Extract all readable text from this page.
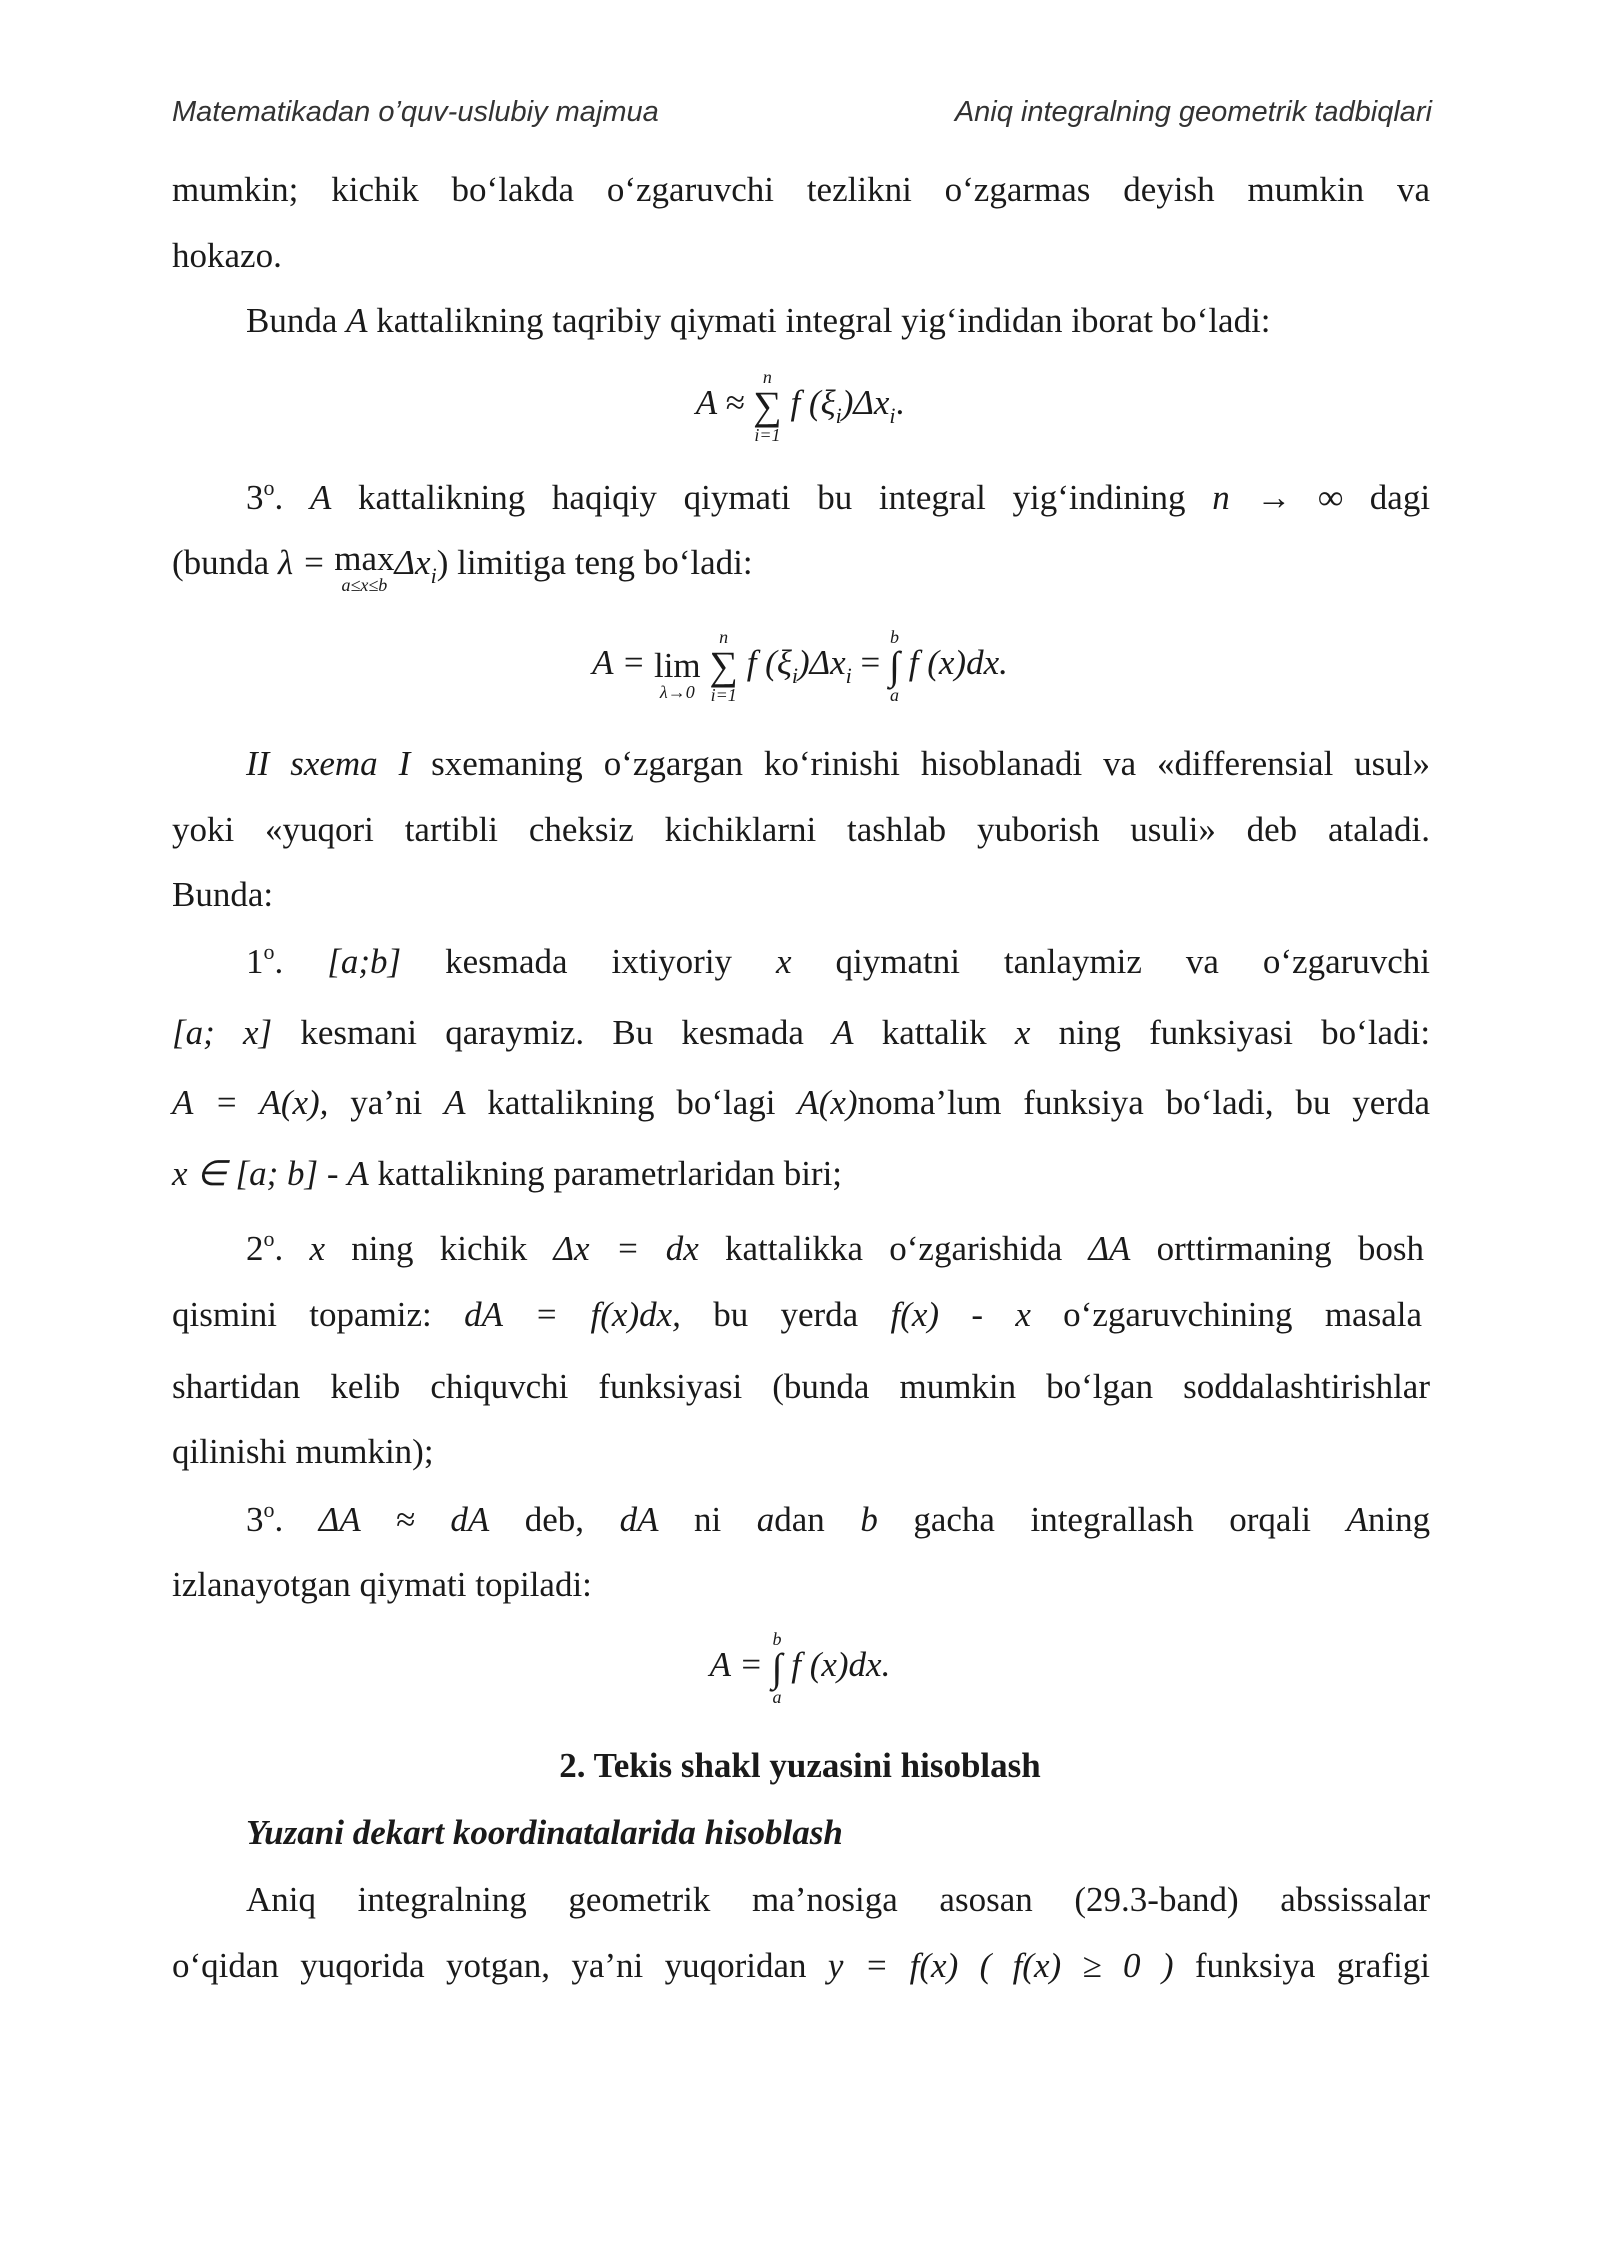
Matematikadan o’quv-uslubiy majmua	Aniq integralning geometrik tadbiqlari
mumkin; kichik bo‘lakda o‘zgaruvchi tezlikni o‘zgarmas deyish mumkin va
hokazo.
Bunda A kattalikning taqribiy qiymati integral yig‘indidan iborat bo‘ladi:
A ≈
n
∑
i=1
f $(\xi_i)\Delta x_i$.
3$^o$. A kattalikning haqiqiy qiymati bu integral yig‘indining n → ∞ dagi
(bunda λ = max
a≤x≤b
$\Delta x_i$) limitiga teng bo‘ladi:
A = lim
λ→0

n
∑
i=1
f $(\xi_i)\Delta x_i$ =
b
∫
a
f (x)dx.
II sxema I sxemaning o‘zgargan ko‘rinishi hisoblanadi va «differensial usul»
yoki «yuqori tartibli cheksiz kichiklarni tashlab yuborish usuli» deb ataladi.
Bunda:
1$^o$. [a;b] kesmada ixtiyoriy x qiymatni tanlaymiz va o‘zgaruvchi
[a; x] kesmani qaraymiz. Bu kesmada A kattalik x ning funksiyasi bo‘ladi:
A = A(x), ya’ni A kattalikning bo‘lagi A(x)noma’lum funksiya bo‘ladi, bu yerda
x ∈ [a; b] - A kattalikning parametrlaridan biri;
2$^o$. x ning kichik Δx = dx kattalikka o‘zgarishida ΔA orttirmaning bosh
qismini topamiz: dA = f(x)dx, bu yerda f(x) - x o‘zgaruvchining masala
shartidan kelib chiquvchi funksiyasi (bunda mumkin bo‘lgan soddalashtirishlar
qilinishi mumkin);
3$^o$. ΔA ≈ dA deb, dA ni adan b gacha integrallash orqali Aning
izlanayotgan qiymati topiladi:
A =
b
∫
a
f (x)dx.
2. Tekis shakl yuzasini hisoblash
Yuzani dekart koordinatalarida hisoblash
Aniq integralning geometrik ma’nosiga asosan (29.3-band) abssissalar
o‘qidan yuqorida yotgan, ya’ni yuqoridan y = f(x) ( f(x) ≥ 0 ) funksiya grafigi
